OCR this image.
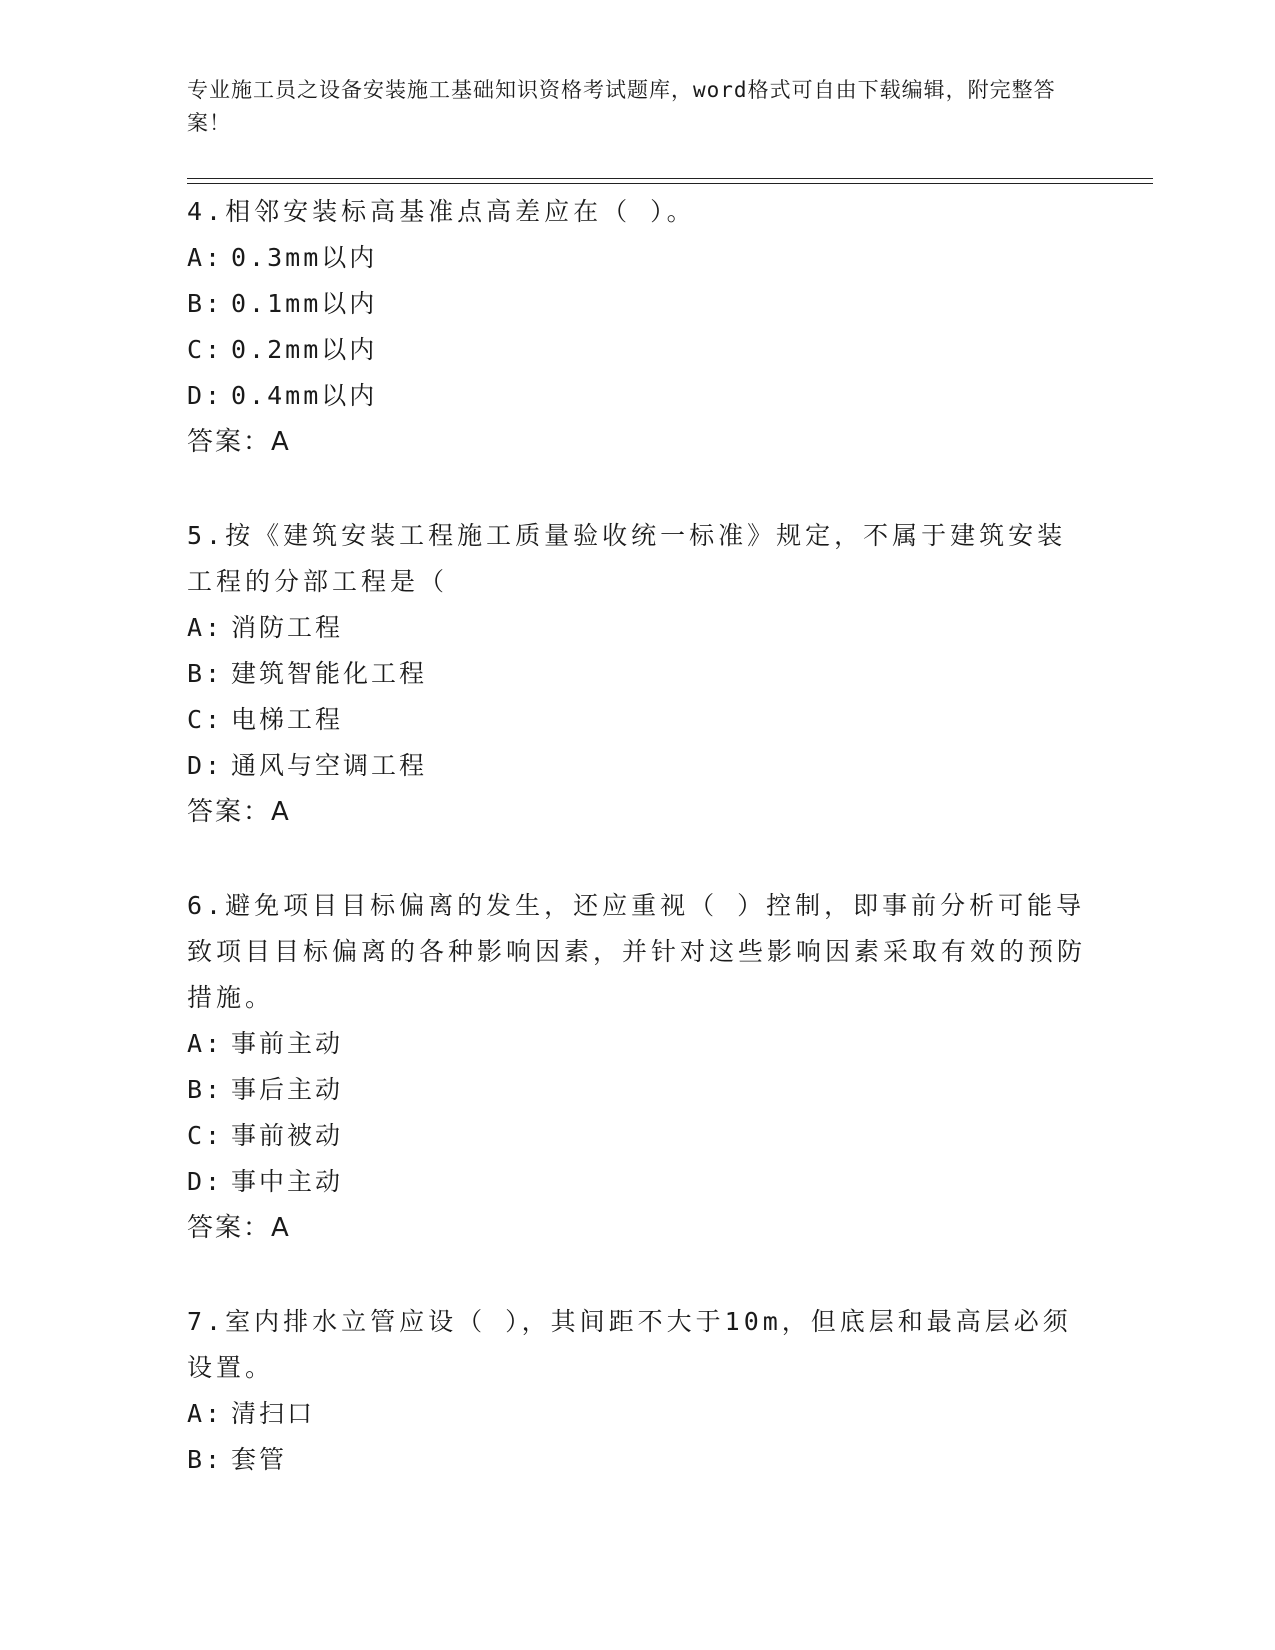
专业施工员之设备安装施工基础知识资格考试题库，word格式可自由下载编辑，附完整答案！

4.相邻安装标高基准点高差应在（ ）。

A: 0.3mm以内

B: 0.1mm以内

C: 0.2mm以内

D: 0.4mm以内

答案：A

5.按《建筑安装工程施工质量验收统一标准》规定，不属于建筑安装工程的分部工程是（

A: 消防工程

B: 建筑智能化工程

C: 电梯工程

D: 通风与空调工程

答案：A

6.避免项目目标偏离的发生，还应重视（ ）控制，即事前分析可能导致项目目标偏离的各种影响因素，并针对这些影响因素采取有效的预防措施。

A: 事前主动

B: 事后主动

C: 事前被动

D: 事中主动

答案：A

7.室内排水立管应设（ ），其间距不大于10m，但底层和最高层必须设置。

A: 清扫口

B: 套管
